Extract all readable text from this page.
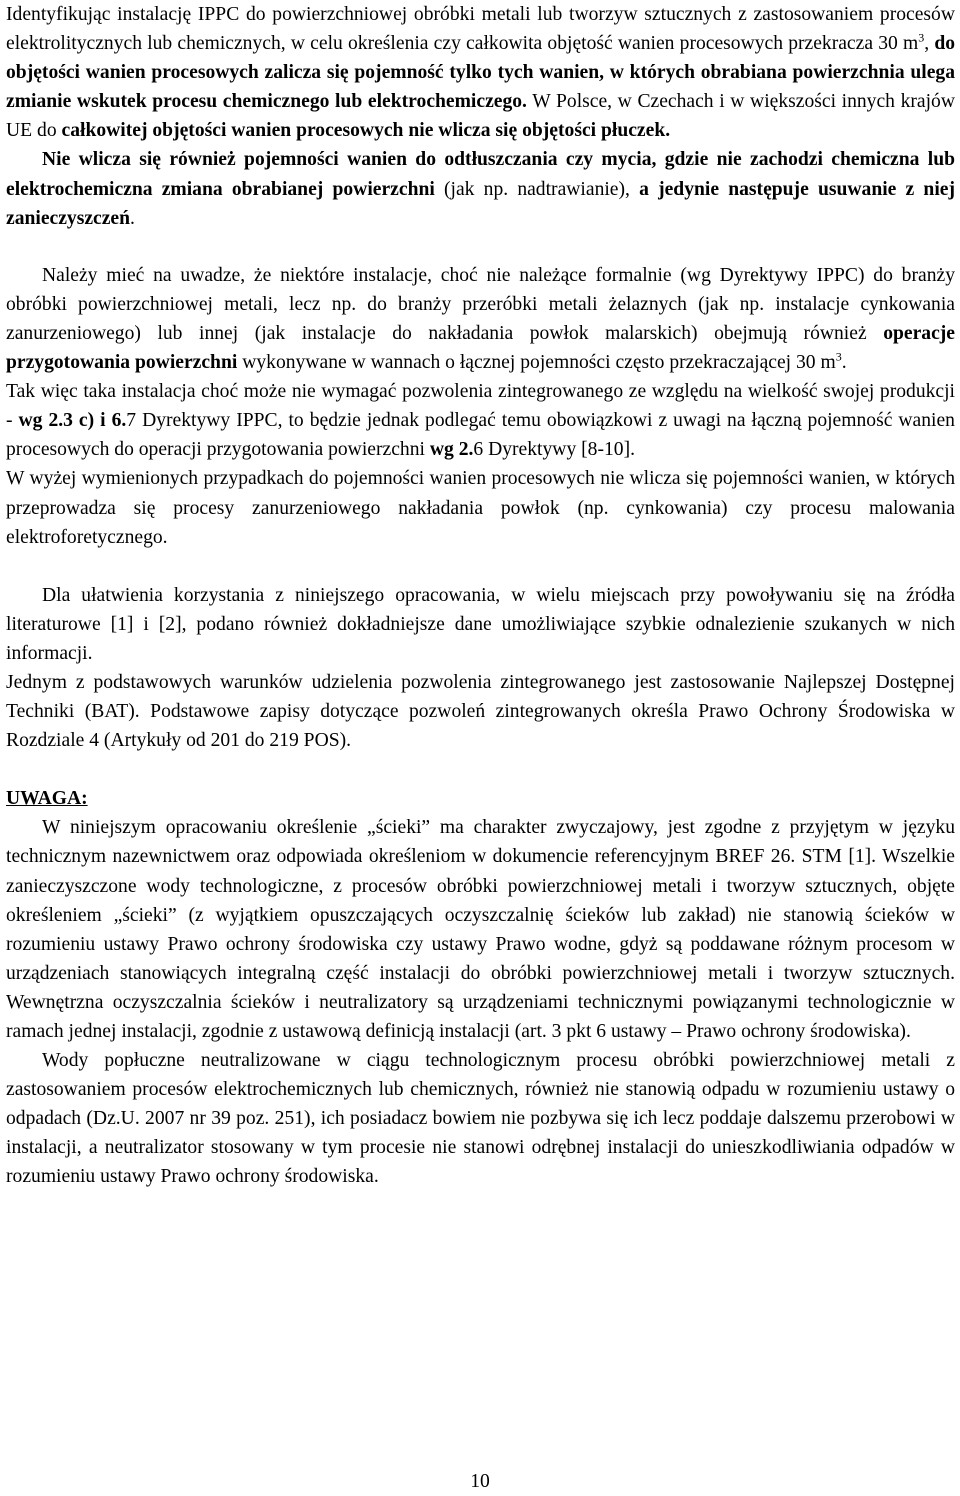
Identyfikując instalację IPPC do powierzchniowej obróbki metali lub tworzyw sztucznych z zastosowaniem procesów elektrolitycznych lub chemicznych, w celu określenia czy całkowita objętość wanien procesowych przekracza 30 $m^3$, do objętości wanien procesowych zalicza się pojemność tylko tych wanien, w których obrabiana powierzchnia ulega zmianie wskutek procesu chemicznego lub elektrochemiczego. W Polsce, w Czechach i w większości innych krajów UE do całkowitej objętości wanien procesowych nie wlicza się objętości płuczek.

Nie wlicza się również pojemności wanien do odtłuszczania czy mycia, gdzie nie zachodzi chemiczna lub elektrochemiczna zmiana obrabianej powierzchni (jak np. nadtrawianie), a jedynie następuje usuwanie z niej zanieczyszczeń.

Należy mieć na uwadze, że niektóre instalacje, choć nie należące formalnie (wg Dyrektywy IPPC) do branży obróbki powierzchniowej metali, lecz np. do branży przeróbki metali żelaznych (jak np. instalacje cynkowania zanurzeniowego) lub innej (jak instalacje do nakładania powłok malarskich) obejmują również operacje przygotowania powierzchni wykonywane w wannach o łącznej pojemności często przekraczającej 30 $m^3$.

Tak więc taka instalacja choć może nie wymagać pozwolenia zintegrowanego ze względu na wielkość swojej produkcji - wg 2.3 c) i 6.7 Dyrektywy IPPC, to będzie jednak podlegać temu obowiązkowi z uwagi na łączną pojemność wanien procesowych do operacji przygotowania powierzchni wg 2.6 Dyrektywy [8-10].

W wyżej wymienionych przypadkach do pojemności wanien procesowych nie wlicza się pojemności wanien, w których przeprowadza się procesy zanurzeniowego nakładania powłok (np. cynkowania) czy procesu malowania elektroforetycznego.

Dla ułatwienia korzystania z niniejszego opracowania, w wielu miejscach przy powoływaniu się na źródła literaturowe [1] i [2], podano również dokładniejsze dane umożliwiające szybkie odnalezienie szukanych w nich informacji.

Jednym z podstawowych warunków udzielenia pozwolenia zintegrowanego jest zastosowanie Najlepszej Dostępnej Techniki (BAT). Podstawowe zapisy dotyczące pozwoleń zintegrowanych określa Prawo Ochrony Środowiska w Rozdziale 4 (Artykuły od 201 do 219 POS).

UWAGA:

W niniejszym opracowaniu określenie „ścieki” ma charakter zwyczajowy, jest zgodne z przyjętym w języku technicznym nazewnictwem oraz odpowiada określeniom w dokumencie referencyjnym BREF 26. STM [1]. Wszelkie zanieczyszczone wody technologiczne, z procesów obróbki powierzchniowej metali i tworzyw sztucznych, objęte określeniem „ścieki” (z wyjątkiem opuszczających oczyszczalnię ścieków lub zakład) nie stanowią ścieków w rozumieniu ustawy Prawo ochrony środowiska czy ustawy Prawo wodne, gdyż są poddawane różnym procesom w urządzeniach stanowiących integralną część instalacji do obróbki powierzchniowej metali i tworzyw sztucznych. Wewnętrzna oczyszczalnia ścieków i neutralizatory są urządzeniami technicznymi powiązanymi technologicznie w ramach jednej instalacji, zgodnie z ustawową definicją instalacji (art. 3 pkt 6 ustawy – Prawo ochrony środowiska).

Wody popłuczne neutralizowane w ciągu technologicznym procesu obróbki powierzchniowej metali z zastosowaniem procesów elektrochemicznych lub chemicznych, również nie stanowią odpadu w rozumieniu ustawy o odpadach (Dz.U. 2007 nr 39 poz. 251), ich posiadacz bowiem nie pozbywa się ich lecz poddaje dalszemu przerobowi w instalacji, a neutralizator stosowany w tym procesie nie stanowi odrębnej instalacji do unieszkodliwiania odpadów w rozumieniu ustawy Prawo ochrony środowiska.

10
